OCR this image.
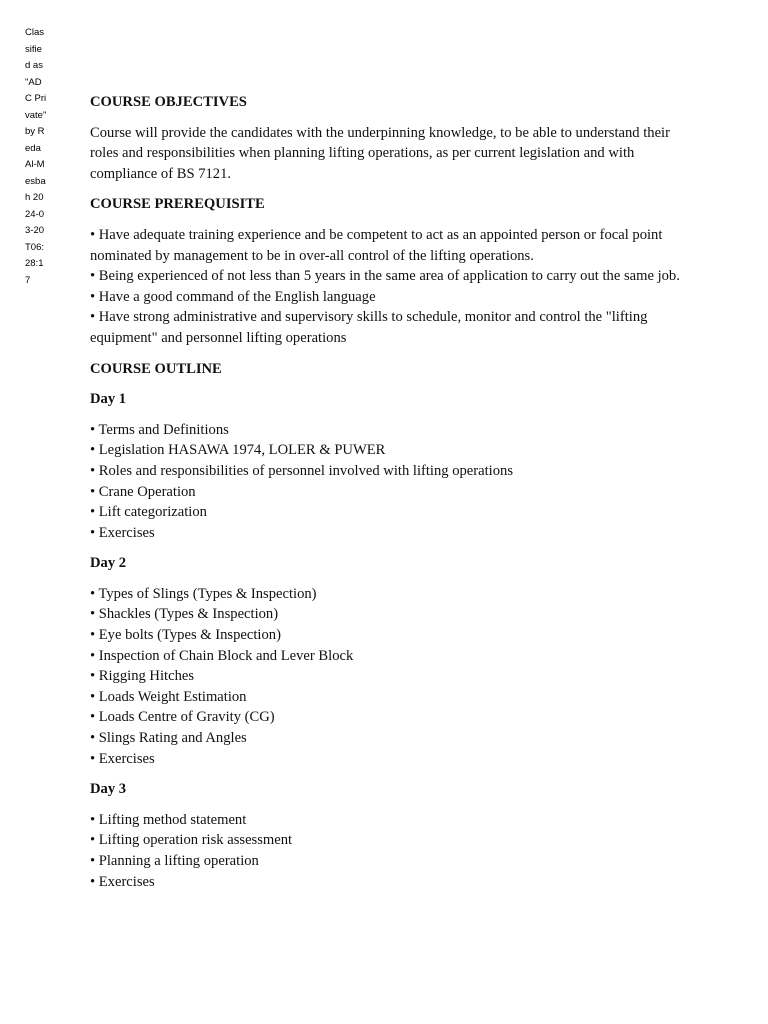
Classified as "ADC Private" by Reda Al-Mesbah 2024-03-20T06:28:17
COURSE OBJECTIVES
Course will provide the candidates with the underpinning knowledge, to be able to understand their roles and responsibilities when planning lifting operations, as per current legislation and with compliance of BS 7121.
COURSE PREREQUISITE
• Have adequate training experience and be competent to act as an appointed person or focal point nominated by management to be in over-all control of the lifting operations.
• Being experienced of not less than 5 years in the same area of application to carry out the same job.
• Have a good command of the English language
• Have strong administrative and supervisory skills to schedule, monitor and control the "lifting equipment" and personnel lifting operations
COURSE OUTLINE
Day 1
• Terms and Definitions
• Legislation HASAWA 1974, LOLER & PUWER
• Roles and responsibilities of personnel involved with lifting operations
• Crane Operation
• Lift categorization
• Exercises
Day 2
• Types of Slings (Types & Inspection)
• Shackles (Types & Inspection)
• Eye bolts (Types & Inspection)
• Inspection of Chain Block and Lever Block
• Rigging Hitches
• Loads Weight Estimation
• Loads Centre of Gravity (CG)
• Slings Rating and Angles
• Exercises
Day 3
• Lifting method statement
• Lifting operation risk assessment
• Planning a lifting operation
• Exercises
